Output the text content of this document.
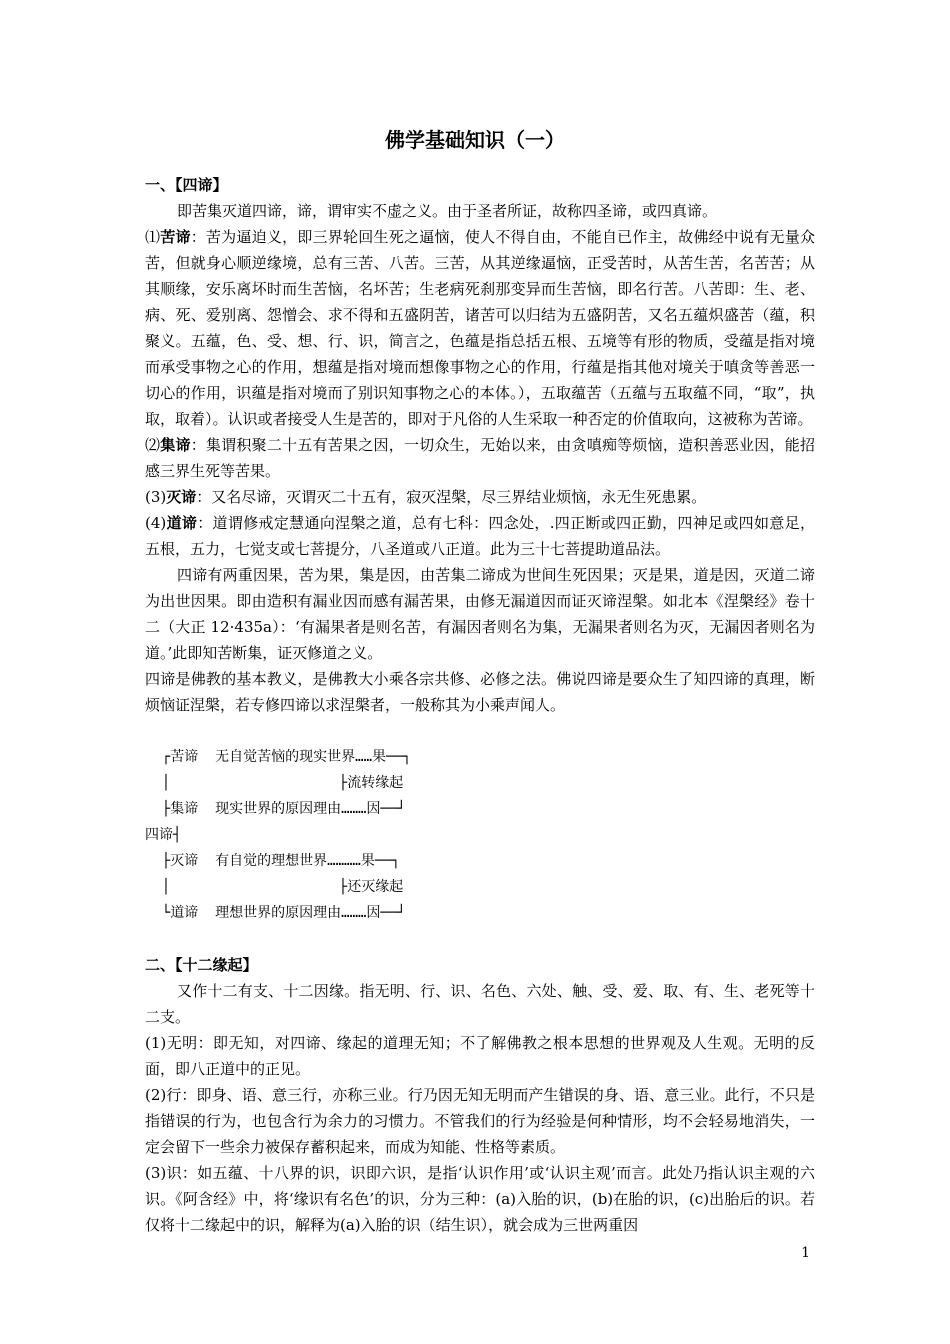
佛学基础知识（一）

一、【四谛】

即苦集灭道四谛，谛，谓审实不虚之义。由于圣者所证，故称四圣谛，或四真谛。

⑴苦谛：苦为逼迫义，即三界轮回生死之逼恼，使人不得自由，不能自已作主，故佛经中说有无量众苦，但就身心顺逆缘境，总有三苦、八苦。三苦，从其逆缘逼恼，正受苦时，从苦生苦，名苦苦；从其顺缘，安乐离坏时而生苦恼，名坏苦；生老病死刹那变异而生苦恼，即名行苦。八苦即：生、老、病、死、爱别离、怨憎会、求不得和五盛阴苦，诸苦可以归结为五盛阴苦，又名五蕴炽盛苦（蕴，积聚义。五蕴，色、受、想、行、识，简言之，色蕴是指总括五根、五境等有形的物质，受蕴是指对境而承受事物之心的作用，想蕴是指对境而想像事物之心的作用，行蕴是指其他对境关于嗔贪等善恶一切心的作用，识蕴是指对境而了别识知事物之心的本体。），五取蕴苦（五蕴与五取蕴不同，“取”，执取，取着）。认识或者接受人生是苦的，即对于凡俗的人生采取一种否定的价值取向，这被称为苦谛。

⑵集谛：集谓积聚二十五有苦果之因，一切众生，无始以来，由贪嗔痴等烦恼，造积善恶业因，能招感三界生死等苦果。

(3)灭谛：又名尽谛，灭谓灭二十五有，寂灭涅槃，尽三界结业烦恼，永无生死患累。

(4)道谛：道谓修戒定慧通向涅槃之道，总有七科：四念处，.四正断或四正勤，四神足或四如意足，五根，五力，七觉支或七菩提分，八圣道或八正道。此为三十七菩提助道品法。

四谛有两重因果，苦为果，集是因，由苦集二谛成为世间生死因果；灭是果，道是因，灭道二谛为出世因果。即由造积有漏业因而感有漏苦果，由修无漏道因而证灭谛涅槃。如北本《涅槃经》卷十二（大正 12·435a）：‘有漏果者是则名苦，有漏因者则名为集，无漏果者则名为灭，无漏因者则名为道。’此即知苦断集，证灭修道之义。

四谛是佛教的基本教义，是佛教大小乘各宗共修、必修之法。佛说四谛是要众生了知四谛的真理，断烦恼证涅槃，若专修四谛以求涅槃者，一般称其为小乘声闻人。

┌苦谛  无自觉苦恼的现实世界……果──┐
│                    ├流转缘起
├集谛  现实世界的原因理由………因──┘
四谛┤
├灭谛  有自觉的理想世界…………果──┐
│                    ├还灭缘起
└道谛  理想世界的原因理由………因──┘

二、【十二缘起】

又作十二有支、十二因缘。指无明、行、识、名色、六处、触、受、爱、取、有、生、老死等十二支。

(1)无明：即无知，对四谛、缘起的道理无知；不了解佛教之根本思想的世界观及人生观。无明的反面，即八正道中的正见。

(2)行：即身、语、意三行，亦称三业。行乃因无知无明而产生错误的身、语、意三业。此行，不只是指错误的行为，也包含行为余力的习惯力。不管我们的行为经验是何种情形，均不会轻易地消失，一定会留下一些余力被保存蓄积起来，而成为知能、性格等素质。

(3)识：如五蕴、十八界的识，识即六识，是指‘认识作用’或‘认识主观’而言。此处乃指认识主观的六识。《阿含经》中，将‘缘识有名色’的识，分为三种：(a)入胎的识，(b)在胎的识，(c)出胎后的识。若仅将十二缘起中的识，解释为(a)入胎的识（结生识），就会成为三世两重因

1
